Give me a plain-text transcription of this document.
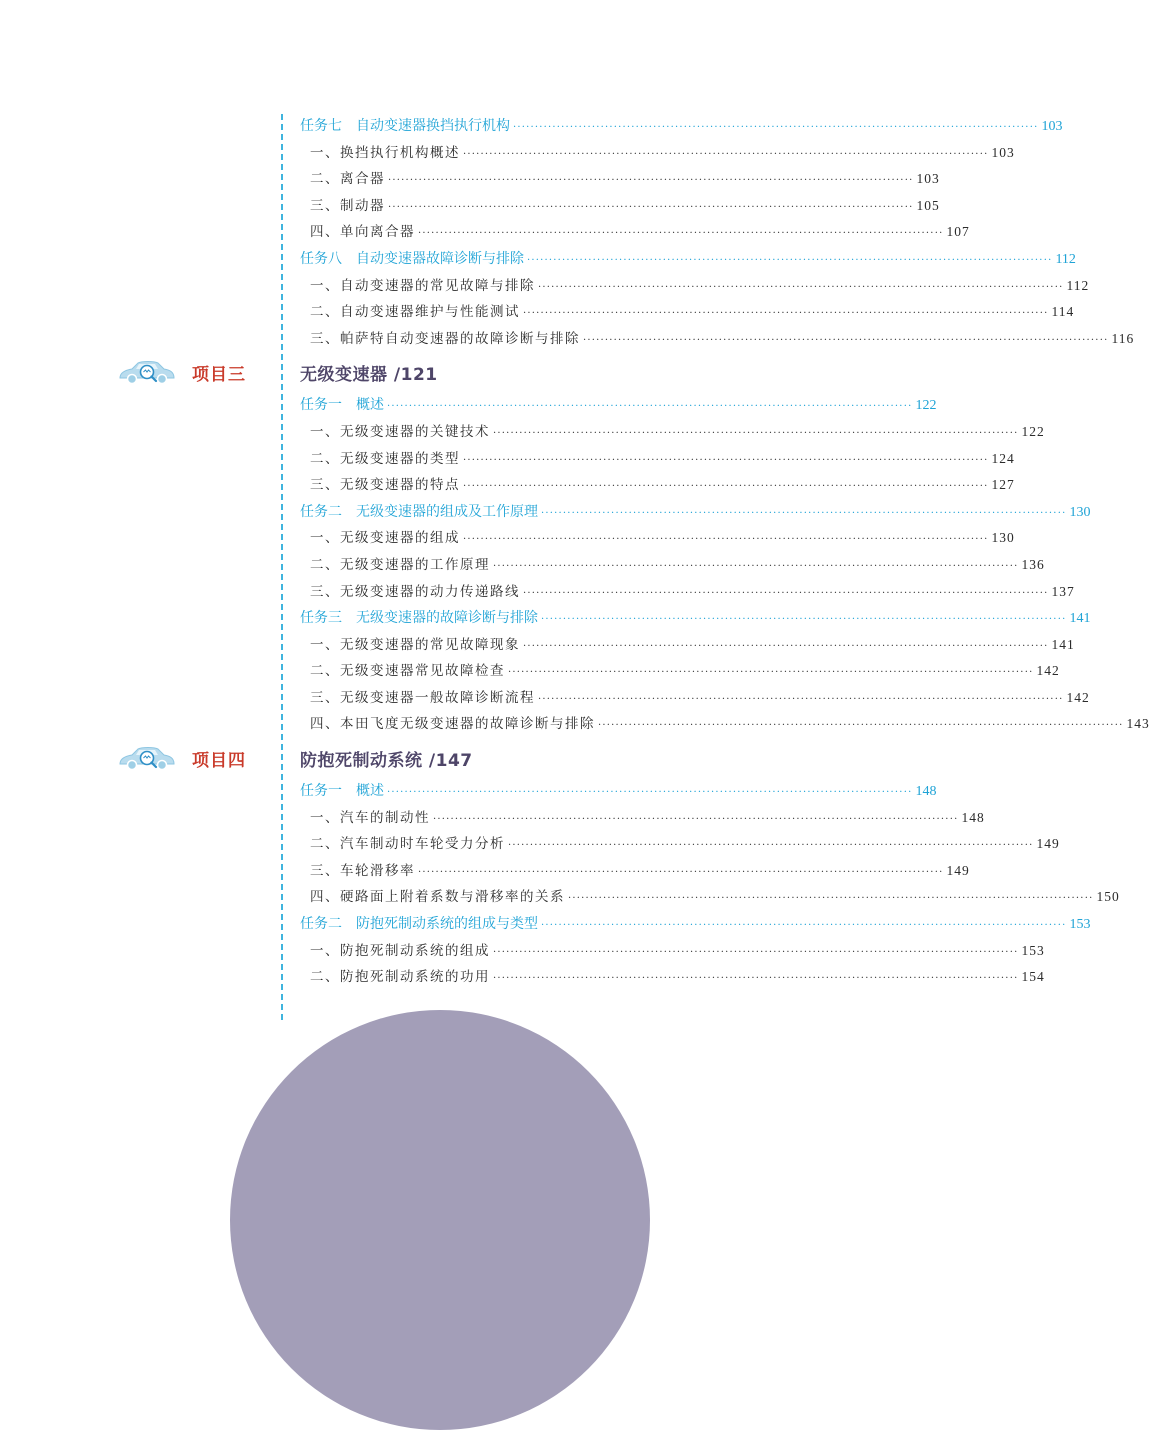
任务七　自动变速器换挡执行机构 ························································································································ 103
一、换挡执行机构概述 ························································································································ 103
二、离合器 ························································································································ 103
三、制动器 ························································································································ 105
四、单向离合器 ························································································································ 107
任务八　自动变速器故障诊断与排除 ························································································································ 112
一、自动变速器的常见故障与排除 ························································································································ 112
二、自动变速器维护与性能测试 ························································································································ 114
三、帕萨特自动变速器的故障诊断与排除 ························································································································ 116
无级变速器 /121
任务一　概述 ························································································································ 122
一、无级变速器的关键技术 ························································································································ 122
二、无级变速器的类型 ························································································································ 124
三、无级变速器的特点 ························································································································ 127
任务二　无级变速器的组成及工作原理 ························································································································ 130
一、无级变速器的组成 ························································································································ 130
二、无级变速器的工作原理 ························································································································ 136
三、无级变速器的动力传递路线 ························································································································ 137
任务三　无级变速器的故障诊断与排除 ························································································································ 141
一、无级变速器的常见故障现象 ························································································································ 141
二、无级变速器常见故障检查 ························································································································ 142
三、无级变速器一般故障诊断流程 ························································································································ 142
四、本田飞度无级变速器的故障诊断与排除 ························································································································ 143
防抱死制动系统 /147
任务一　概述 ························································································································ 148
一、汽车的制动性 ························································································································ 148
二、汽车制动时车轮受力分析 ························································································································ 149
三、车轮滑移率 ························································································································ 149
四、硬路面上附着系数与滑移率的关系 ························································································································ 150
任务二　防抱死制动系统的组成与类型 ························································································································ 153
一、防抱死制动系统的组成 ························································································································ 153
二、防抱死制动系统的功用 ························································································································ 154
项目三
项目四
